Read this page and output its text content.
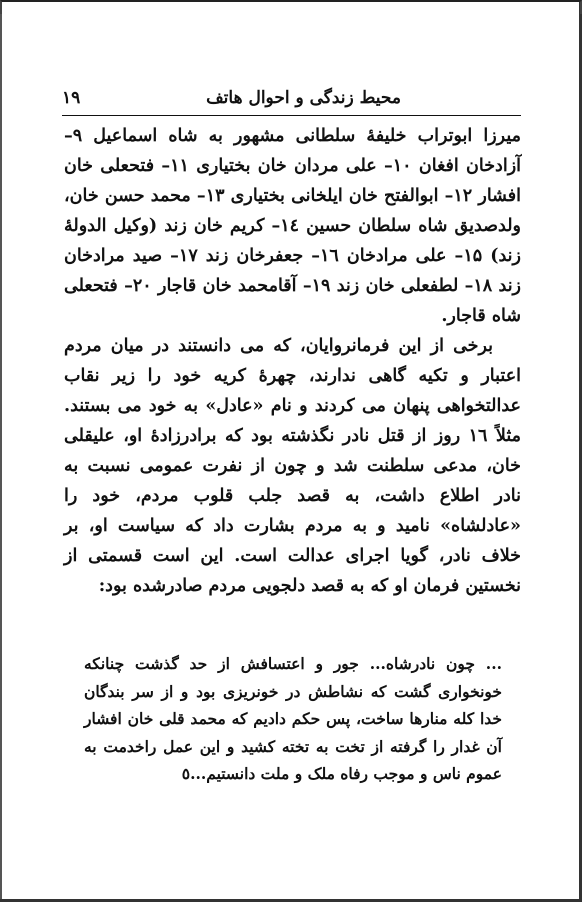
محیط زندگی و احوال هاتف
١٩

میرزا ابوتراب خلیفهٔ سلطانی مشهور به شاه اسماعیل ۹– آزادخان افغان ۱۰– علی مردان خان بختیاری ۱۱– فتحعلی خان افشار ۱۲– ابوالفتح خان ایلخانی بختیاری ۱۳– محمد حسن خان، ولدصدیق شاه سلطان حسین ۱٤– کریم خان زند (وکیل الدولهٔ زند) ۱۵– علی مرادخان ۱٦– جعفرخان زند ۱۷– صید مرادخان زند ۱۸– لطفعلی خان زند ۱۹– آقامحمد خان قاجار ۲۰– فتحعلی شاه قاجار.

برخی از این فرمانروایان، که می دانستند در میان مردم اعتبار و تکیه گاهی ندارند، چهرهٔ کریه خود را زیر نقاب عدالتخواهی پنهان می کردند و نام «عادل» به خود می بستند. مثلاً ۱٦ روز از قتل نادر نگذشته بود که برادرزادهٔ او، علیقلی خان، مدعی سلطنت شد و چون از نفرت عمومی نسبت به نادر اطلاع داشت، به قصد جلب قلوب مردم، خود را «عادلشاه» نامید و به مردم بشارت داد که سیاست او، بر خلاف نادر، گویا اجرای عدالت است. این است قسمتی از نخستین فرمان او که به قصد دلجویی مردم صادرشده بود:

... چون نادرشاه... جور و اعتسافش از حد گذشت چنانکه خونخواری گشت که نشاطش در خونریزی بود و از سر بندگان خدا کله منارها ساخت، پس حکم دادیم که محمد قلی خان افشار آن غدار را گرفته از تخت به تخته کشید و این عمل راخدمت به عموم ناس و موجب رفاه ملک و ملت دانستیم...٥
